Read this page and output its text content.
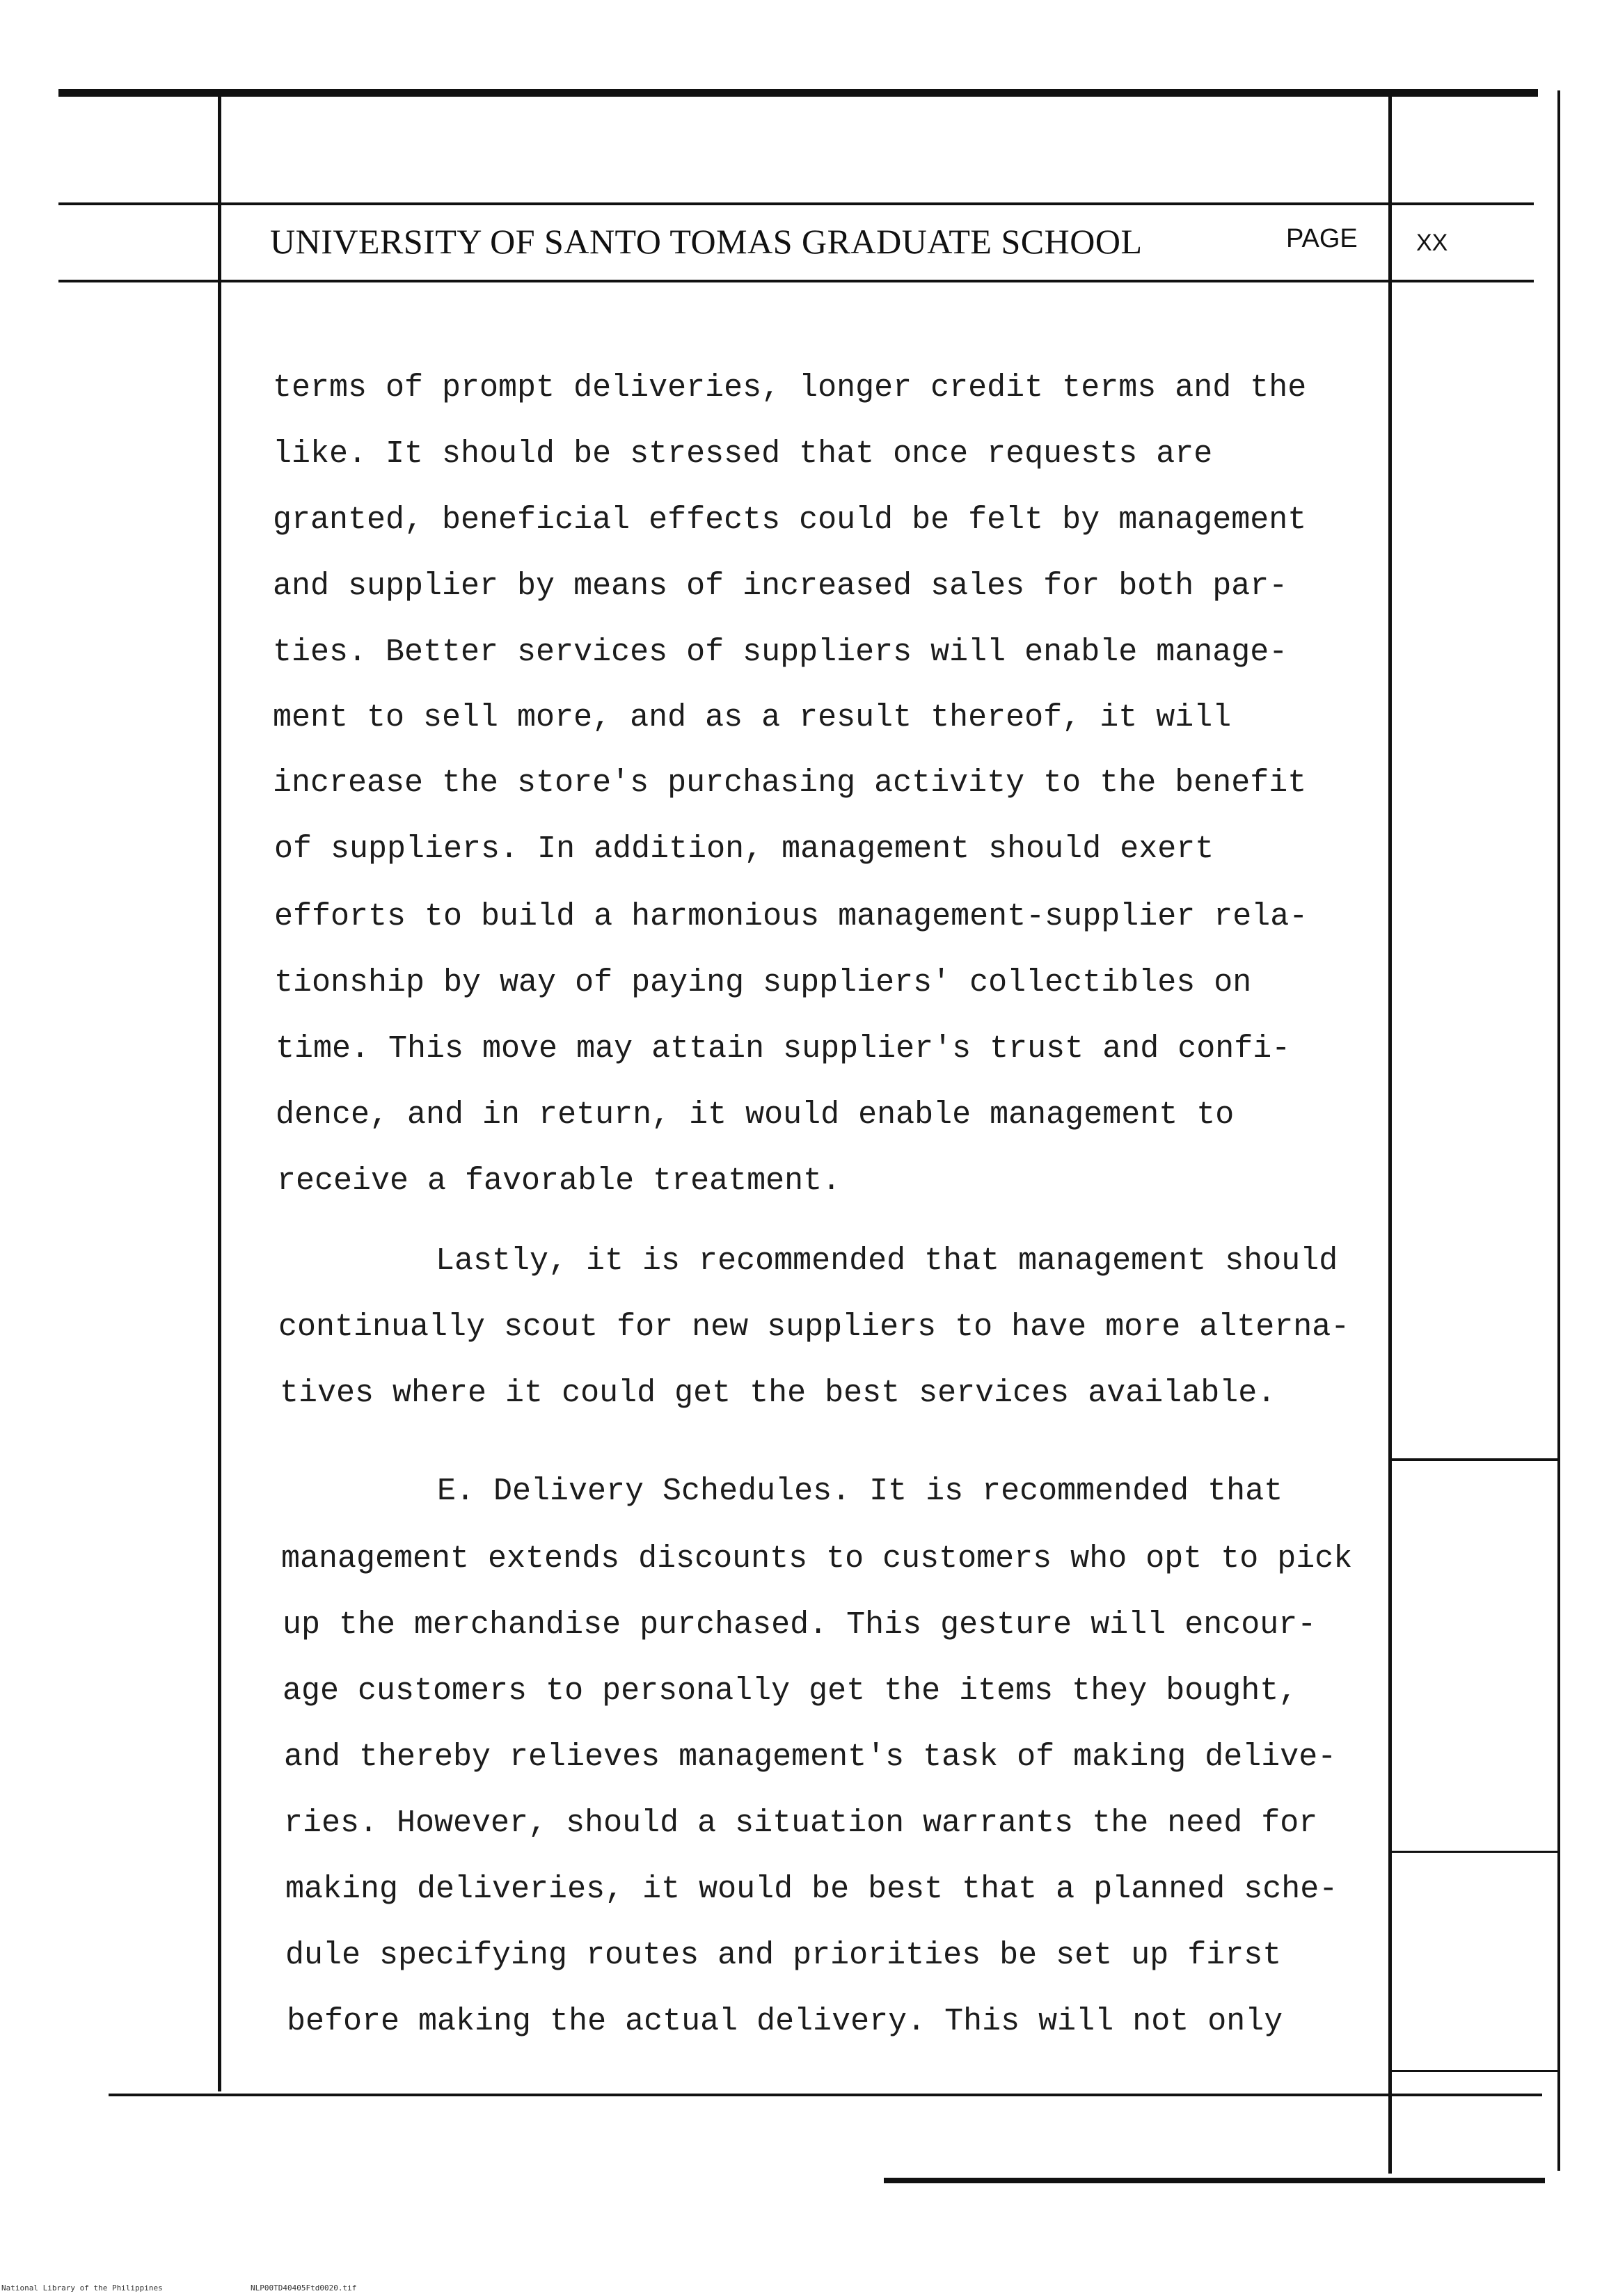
UNIVERSITY OF SANTO TOMAS GRADUATE SCHOOL	PAGE XX
terms of prompt deliveries, longer credit terms and the
like. It should be stressed that once requests are
granted, beneficial effects could be felt by management
and supplier by means of increased sales for both par-
ties. Better services of suppliers will enable manage-
ment to sell more, and as a result thereof, it will
increase the store's purchasing activity to the benefit
of suppliers. In addition, management should exert
efforts to build a harmonious management-supplier rela-
tionship by way of paying suppliers' collectibles on
time. This move may attain supplier's trust and confi-
dence, and in return, it would enable management to
receive a favorable treatment.
Lastly, it is recommended that management should
continually scout for new suppliers to have more alterna-
tives where it could get the best services available.
E. Delivery Schedules. It is recommended that
management extends discounts to customers who opt to pick
up the merchandise purchased. This gesture will encour-
age customers to personally get the items they bought,
and thereby relieves management's task of making delive-
ries. However, should a situation warrants the need for
making deliveries, it would be best that a planned sche-
dule specifying routes and priorities be set up first
before making the actual delivery. This will not only
National Library of the Philippines	NLP00TD40405Ftd0020.tif
